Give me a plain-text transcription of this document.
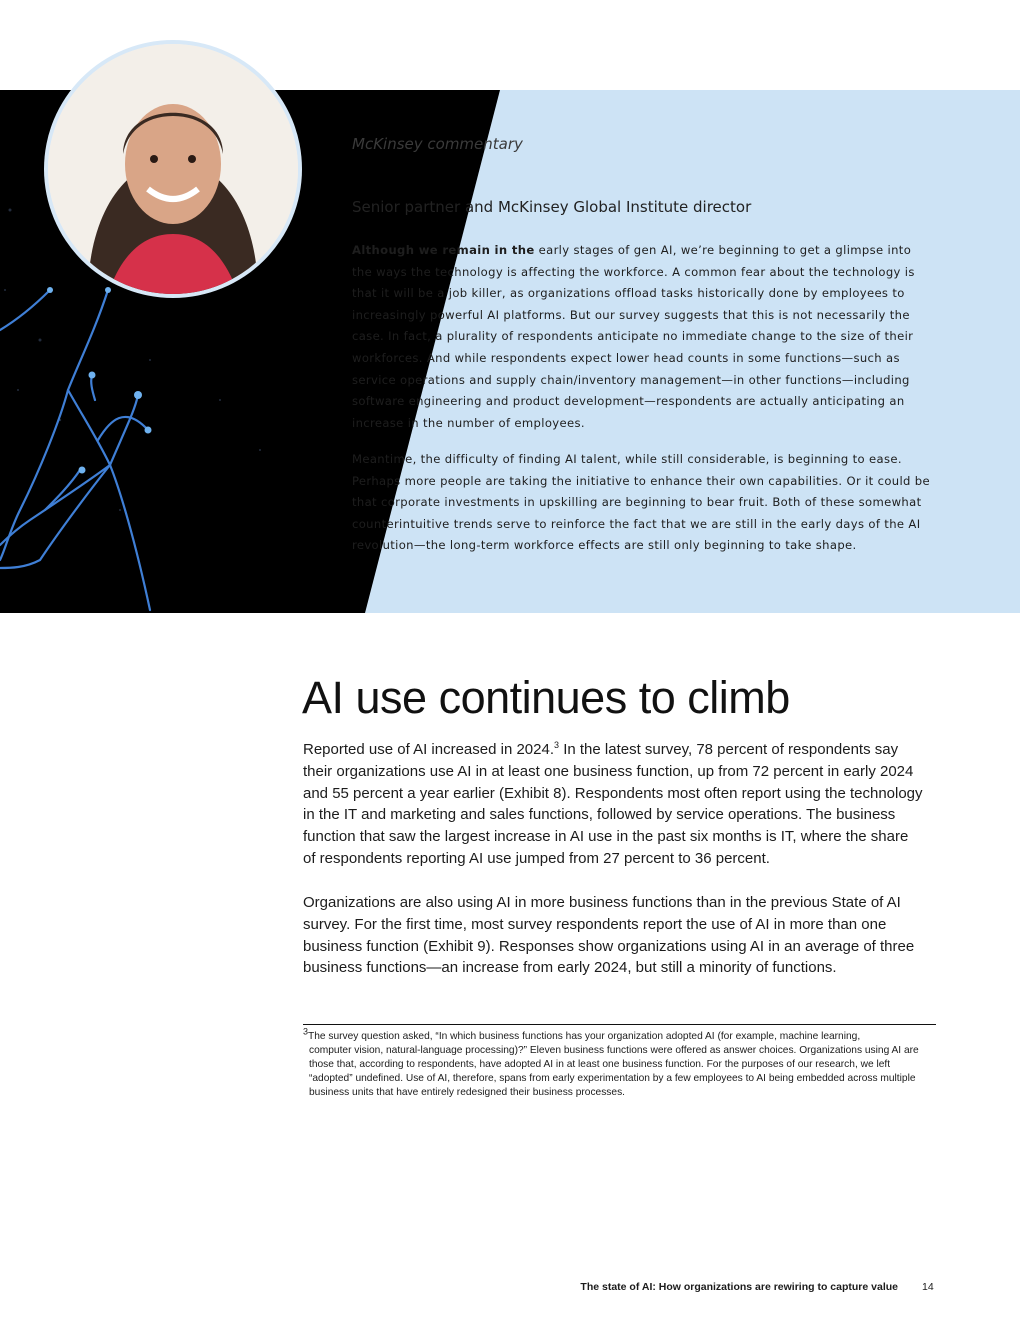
McKinsey commentary
Senior partner and McKinsey Global Institute director

Although we remain in the early stages of gen AI, we’re beginning to get a glimpse into the ways the technology is affecting the workforce. A common fear about the technology is that it will be a job killer, as organizations offload tasks historically done by employees to increasingly powerful AI platforms. But our survey suggests that this is not necessarily the case. In fact, a plurality of respondents anticipate no immediate change to the size of their workforces. And while respondents expect lower head counts in some functions—such as service operations and supply chain/inventory management—in other functions—including software engineering and product development—respondents are actually anticipating an increase in the number of employees.

Meantime, the difficulty of finding AI talent, while still considerable, is beginning to ease. Perhaps more people are taking the initiative to enhance their own capabilities. Or it could be that corporate investments in upskilling are beginning to bear fruit. Both of these somewhat counterintuitive trends serve to reinforce the fact that we are still in the early days of the AI revolution—the long-term workforce effects are still only beginning to take shape.

AI use continues to climb

Reported use of AI increased in 2024.$^3$ In the latest survey, 78 percent of respondents say their organizations use AI in at least one business function, up from 72 percent in early 2024 and 55 percent a year earlier (Exhibit 8). Respondents most often report using the technology in the IT and marketing and sales functions, followed by service operations. The business function that saw the largest increase in AI use in the past six months is IT, where the share of respondents reporting AI use jumped from 27 percent to 36 percent.

Organizations are also using AI in more business functions than in the previous State of AI survey. For the first time, most survey respondents report the use of AI in more than one business function (Exhibit 9). Responses show organizations using AI in an average of three business functions—an increase from early 2024, but still a minority of functions.

$^3$The survey question asked, “In which business functions has your organization adopted AI (for example, machine learning,
computer vision, natural-language processing)?” Eleven business functions were offered as answer choices. Organizations using AI are those that, according to respondents, have adopted AI in at least one business function. For the purposes of our research, we left “adopted” undefined. Use of AI, therefore, spans from early experimentation by a few employees to AI being embedded across multiple business units that have entirely redesigned their business processes.

The state of AI: How organizations are rewiring to capture value 14
